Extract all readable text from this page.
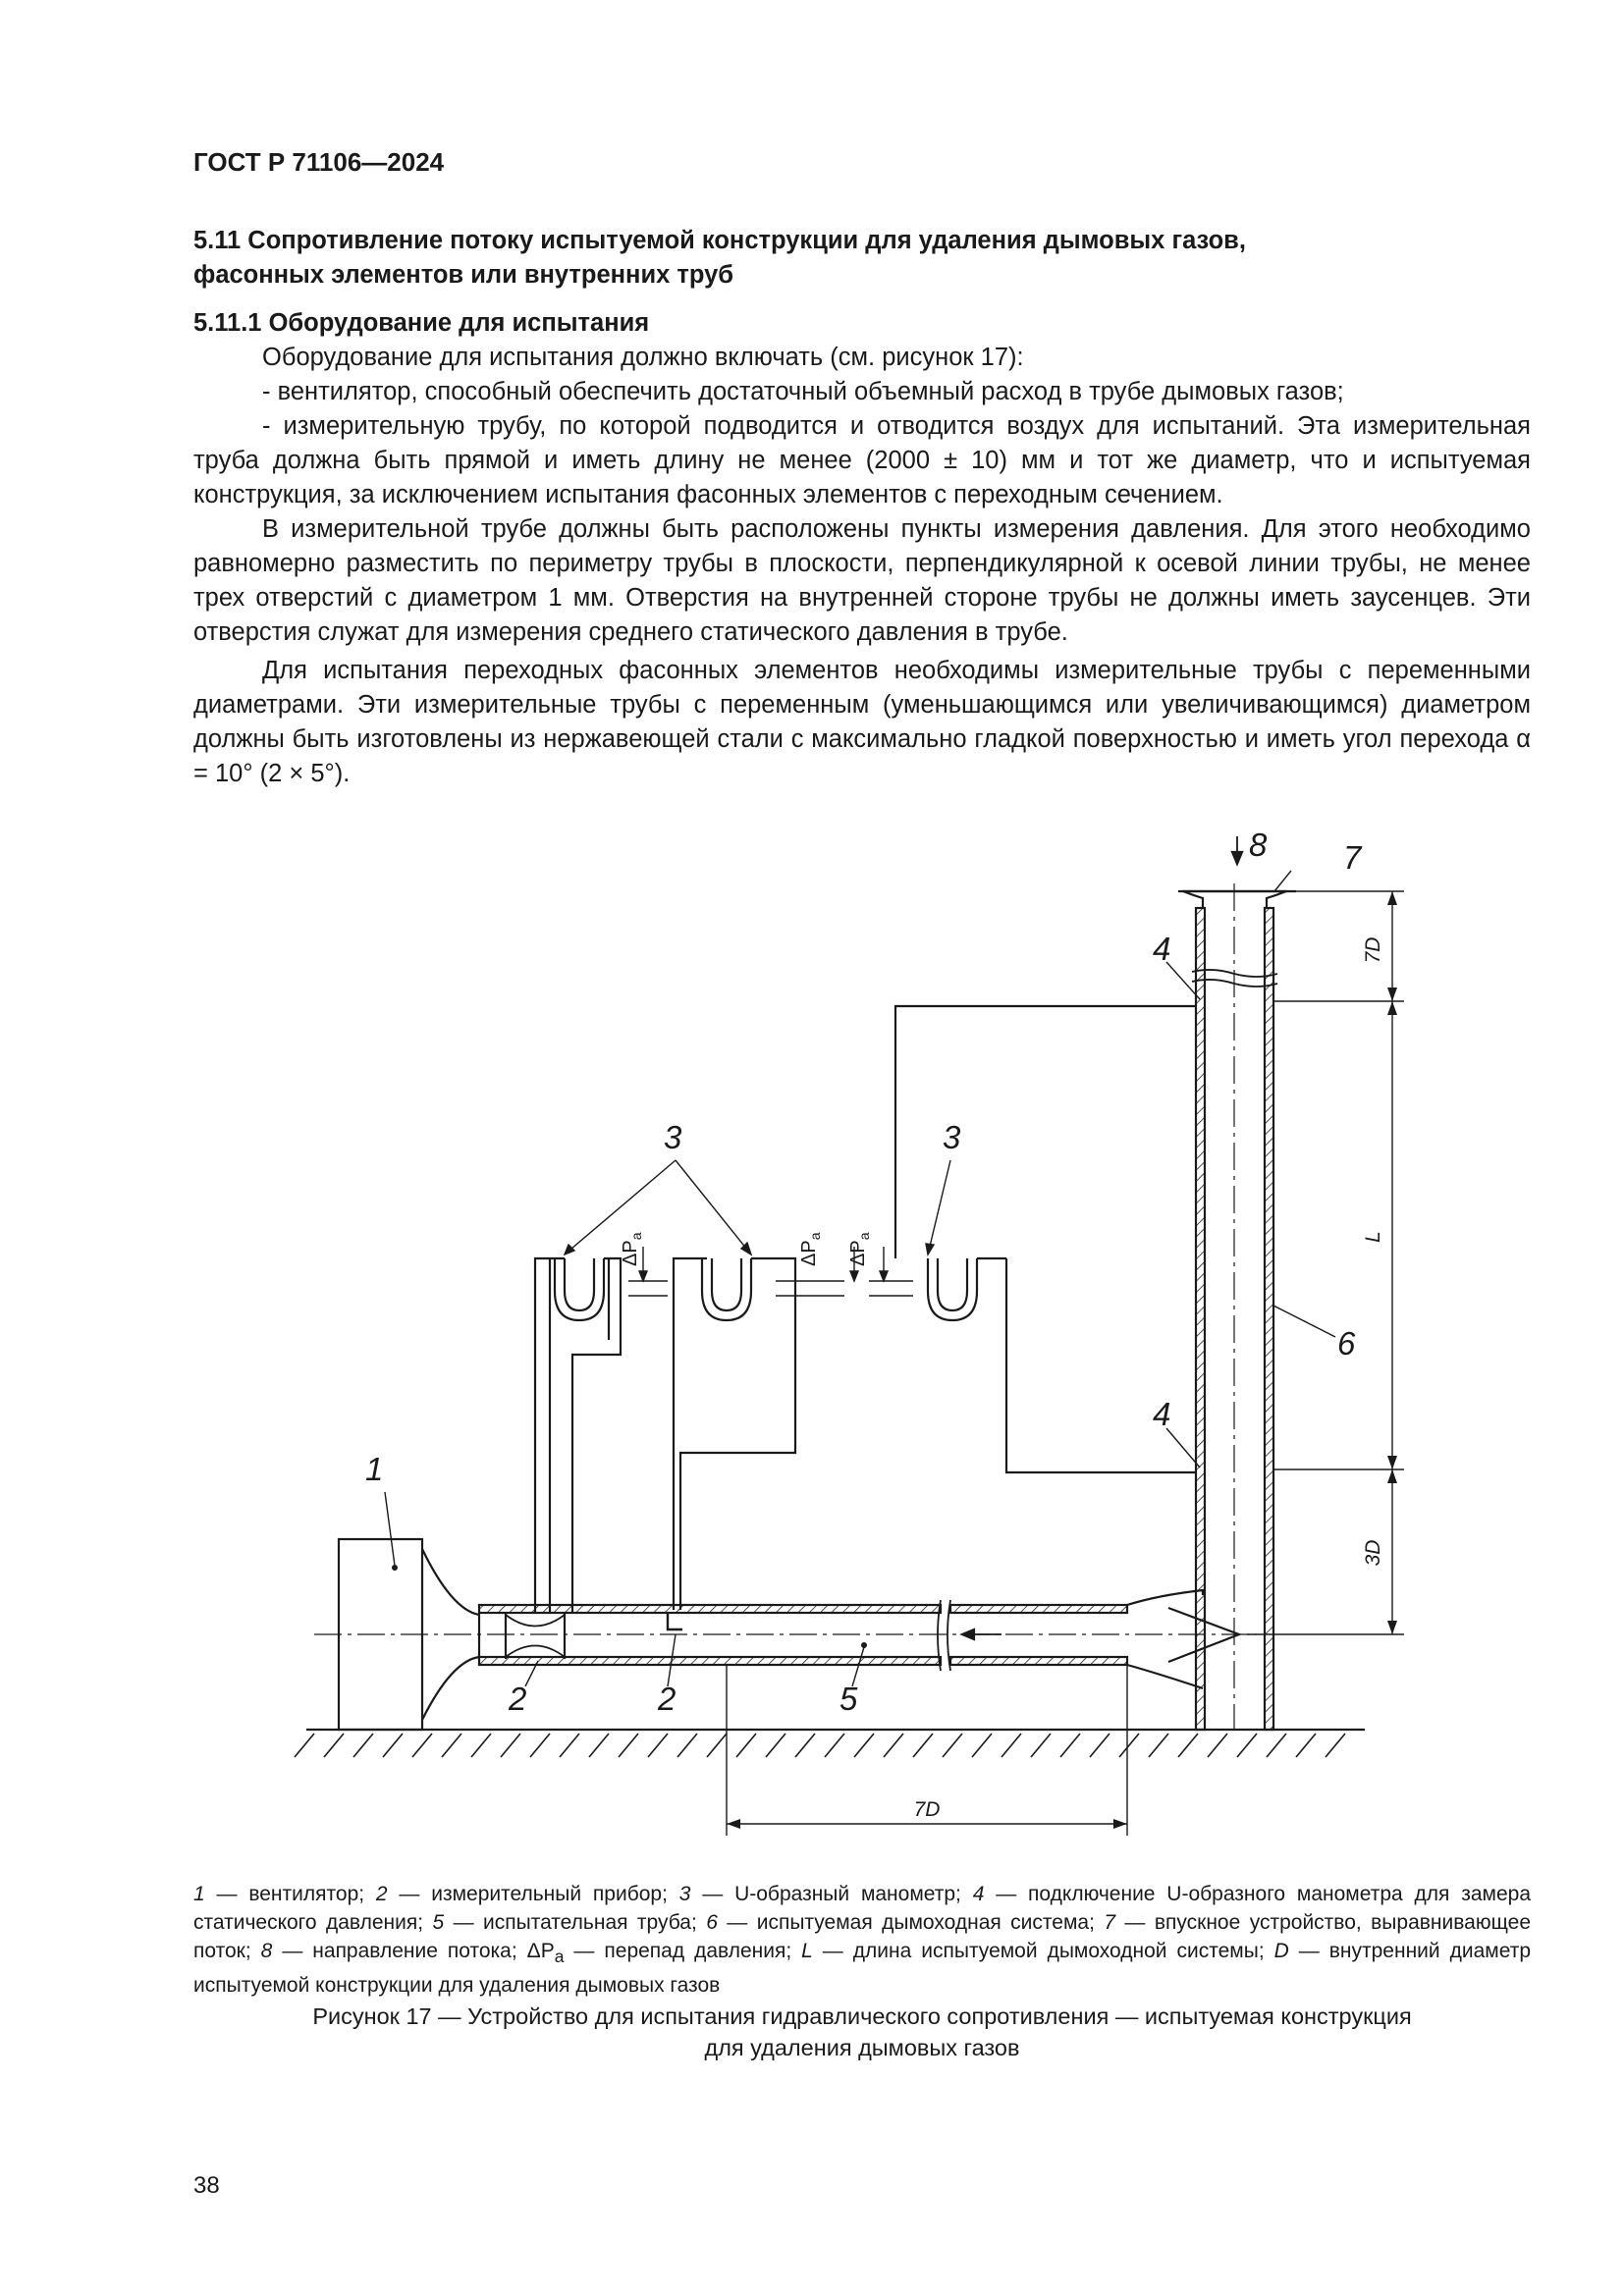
ГОСТ Р 71106—2024

5.11 Сопротивление потоку испытуемой конструкции для удаления дымовых газов,

фасонных элементов или внутренних труб

5.11.1 Оборудование для испытания

Оборудование для испытания должно включать (см. рисунок 17):

- вентилятор, способный обеспечить достаточный объемный расход в трубе дымовых газов;

- измерительную трубу, по которой подводится и отводится воздух для испытаний. Эта измерительная труба должна быть прямой и иметь длину не менее (2000 ± 10) мм и тот же диаметр, что и испытуемая конструкция, за исключением испытания фасонных элементов с переходным сечением.

В измерительной трубе должны быть расположены пункты измерения давления. Для этого необходимо равномерно разместить по периметру трубы в плоскости, перпендикулярной к осевой линии трубы, не менее трех отверстий с диаметром 1 мм. Отверстия на внутренней стороне трубы не должны иметь заусенцев. Эти отверстия служат для измерения среднего статического давления в трубе.

Для испытания переходных фасонных элементов необходимы измерительные трубы с переменными диаметрами. Эти измерительные трубы с переменным (уменьшающимся или увеличивающимся) диаметром должны быть изготовлены из нержавеющей стали с максимально гладкой поверхностью и иметь угол перехода α = 10° (2 × 5°).

1
2	2
3	3
4
4
5
6
7
8
7D
L
3D
7D
$\Delta P_a$
$\Delta P_a$
$\Delta P_a$
1 — вентилятор; 2 — измерительный прибор; 3 — U-образный манометр; 4 — подключение U-образного манометра для замера статического давления; 5 — испытательная труба; 6 — испытуемая дымоходная система; 7 — впускное устройство, выравнивающее поток; 8 — направление потока; $\Delta P_a$ — перепад давления; L — длина испытуемой дымоходной системы; D — внутренний диаметр испытуемой конструкции для удаления дымовых газов
Рисунок 17 — Устройство для испытания гидравлического сопротивления — испытуемая конструкция
для удаления дымовых газов
38
